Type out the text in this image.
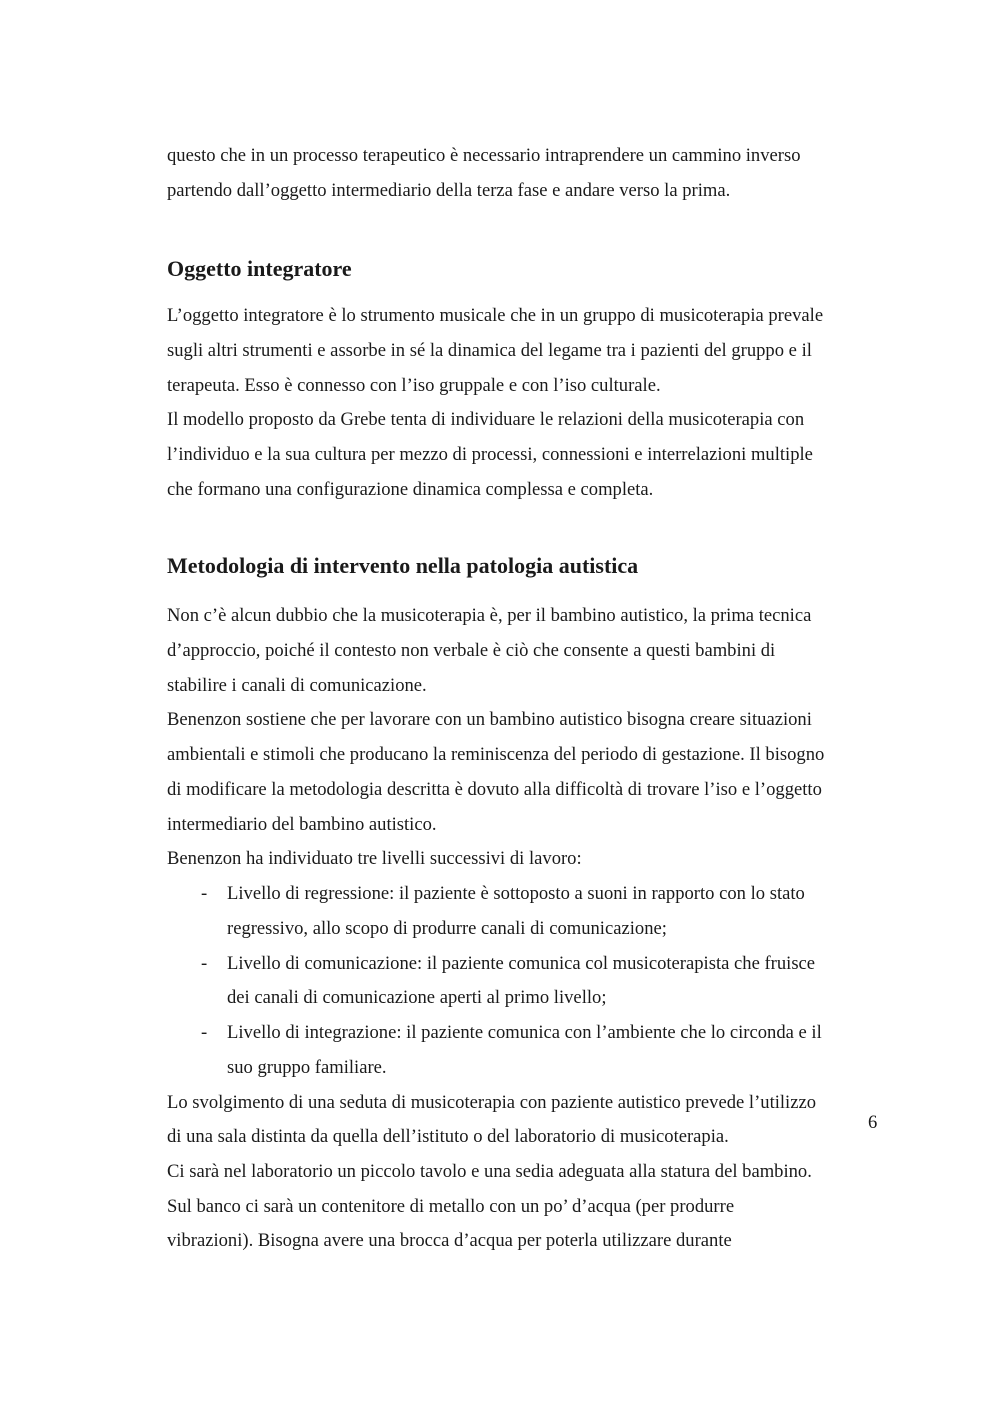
questo che in un processo terapeutico è necessario intraprendere un cammino inverso

partendo dall’oggetto intermediario della terza fase e andare verso la prima.

Oggetto integratore

L’oggetto integratore è lo strumento musicale che in un gruppo di musicoterapia prevale

sugli altri strumenti e assorbe in sé la dinamica del legame tra i pazienti del gruppo e il

terapeuta. Esso è connesso con l’iso gruppale e con l’iso culturale.

Il modello proposto da Grebe tenta di individuare le relazioni della musicoterapia con

l’individuo e la sua cultura per mezzo di processi, connessioni e interrelazioni multiple

che formano una configurazione dinamica complessa e completa.

Metodologia di intervento nella patologia autistica

Non c’è alcun dubbio che la musicoterapia è, per il bambino autistico, la prima tecnica

d’approccio, poiché il contesto non verbale è ciò che consente a questi bambini di

stabilire i canali di comunicazione.

Benenzon sostiene che per lavorare con un bambino autistico bisogna creare situazioni

ambientali e stimoli che producano la reminiscenza del periodo di gestazione. Il bisogno

di modificare la metodologia descritta è dovuto alla difficoltà di trovare l’iso e l’oggetto

intermediario del bambino autistico.

Benenzon ha individuato tre livelli successivi di lavoro:

- Livello di regressione: il paziente è sottoposto a suoni in rapporto con lo stato

regressivo, allo scopo di produrre canali di comunicazione;

- Livello di comunicazione: il paziente comunica col musicoterapista che fruisce

dei canali di comunicazione aperti al primo livello;

- Livello di integrazione: il paziente comunica con l’ambiente che lo circonda e il

suo gruppo familiare.

Lo svolgimento di una seduta di musicoterapia con paziente autistico prevede l’utilizzo

di una sala distinta da quella dell’istituto o del laboratorio di musicoterapia.

Ci sarà nel laboratorio un piccolo tavolo e una sedia adeguata alla statura del bambino.

Sul banco ci sarà un contenitore di metallo con un po’ d’acqua (per produrre

vibrazioni). Bisogna avere una brocca d’acqua per poterla utilizzare durante

6
